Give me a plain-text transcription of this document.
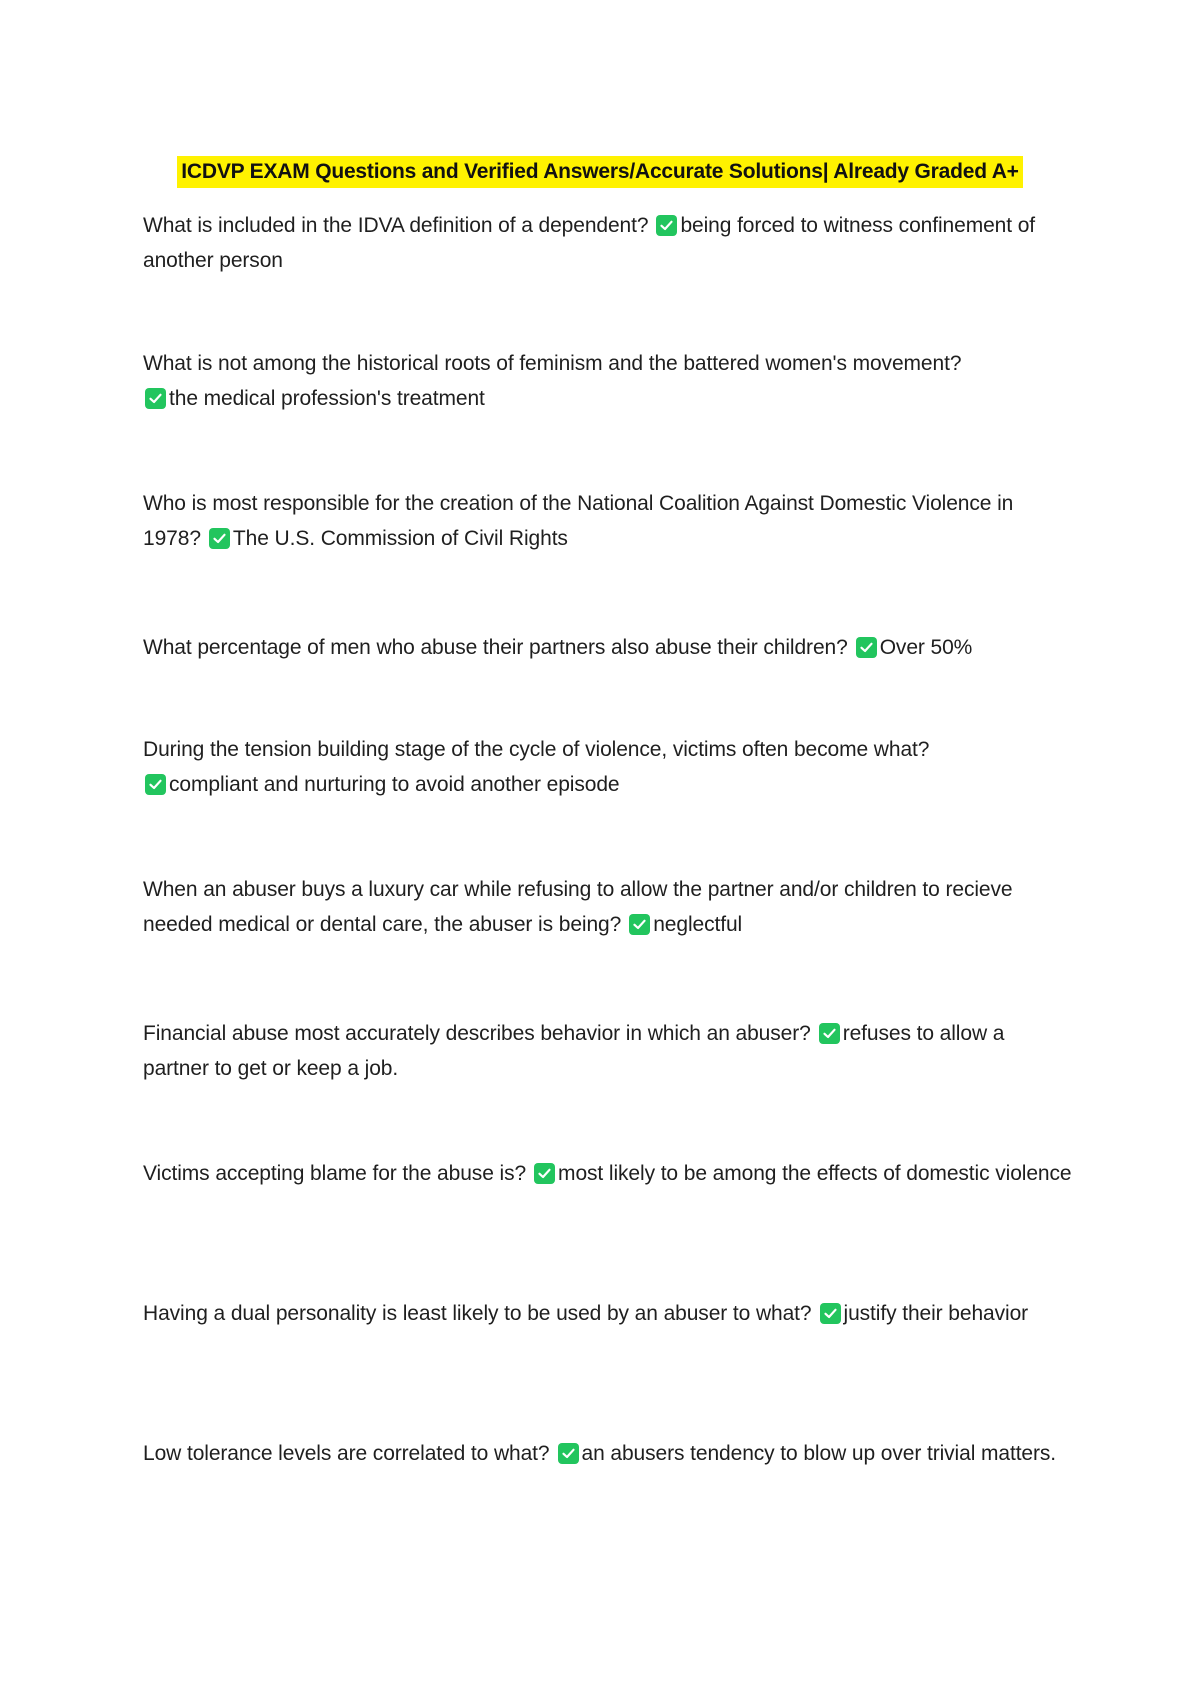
ICDVP EXAM Questions and Verified Answers/Accurate Solutions| Already Graded A+
What is included in the IDVA definition of a dependent? being forced to witness confinement of another person
What is not among the historical roots of feminism and the battered women's movement?

the medical profession's treatment
Who is most responsible for the creation of the National Coalition Against Domestic Violence in 1978? The U.S. Commission of Civil Rights
What percentage of men who abuse their partners also abuse their children? Over 50%
During the tension building stage of the cycle of violence, victims often become what?

compliant and nurturing to avoid another episode
When an abuser buys a luxury car while refusing to allow the partner and/or children to recieve needed medical or dental care, the abuser is being? neglectful
Financial abuse most accurately describes behavior in which an abuser? refuses to allow a partner to get or keep a job.
Victims accepting blame for the abuse is? most likely to be among the effects of domestic violence
Having a dual personality is least likely to be used by an abuser to what? justify their behavior
Low tolerance levels are correlated to what? an abusers tendency to blow up over trivial matters.
